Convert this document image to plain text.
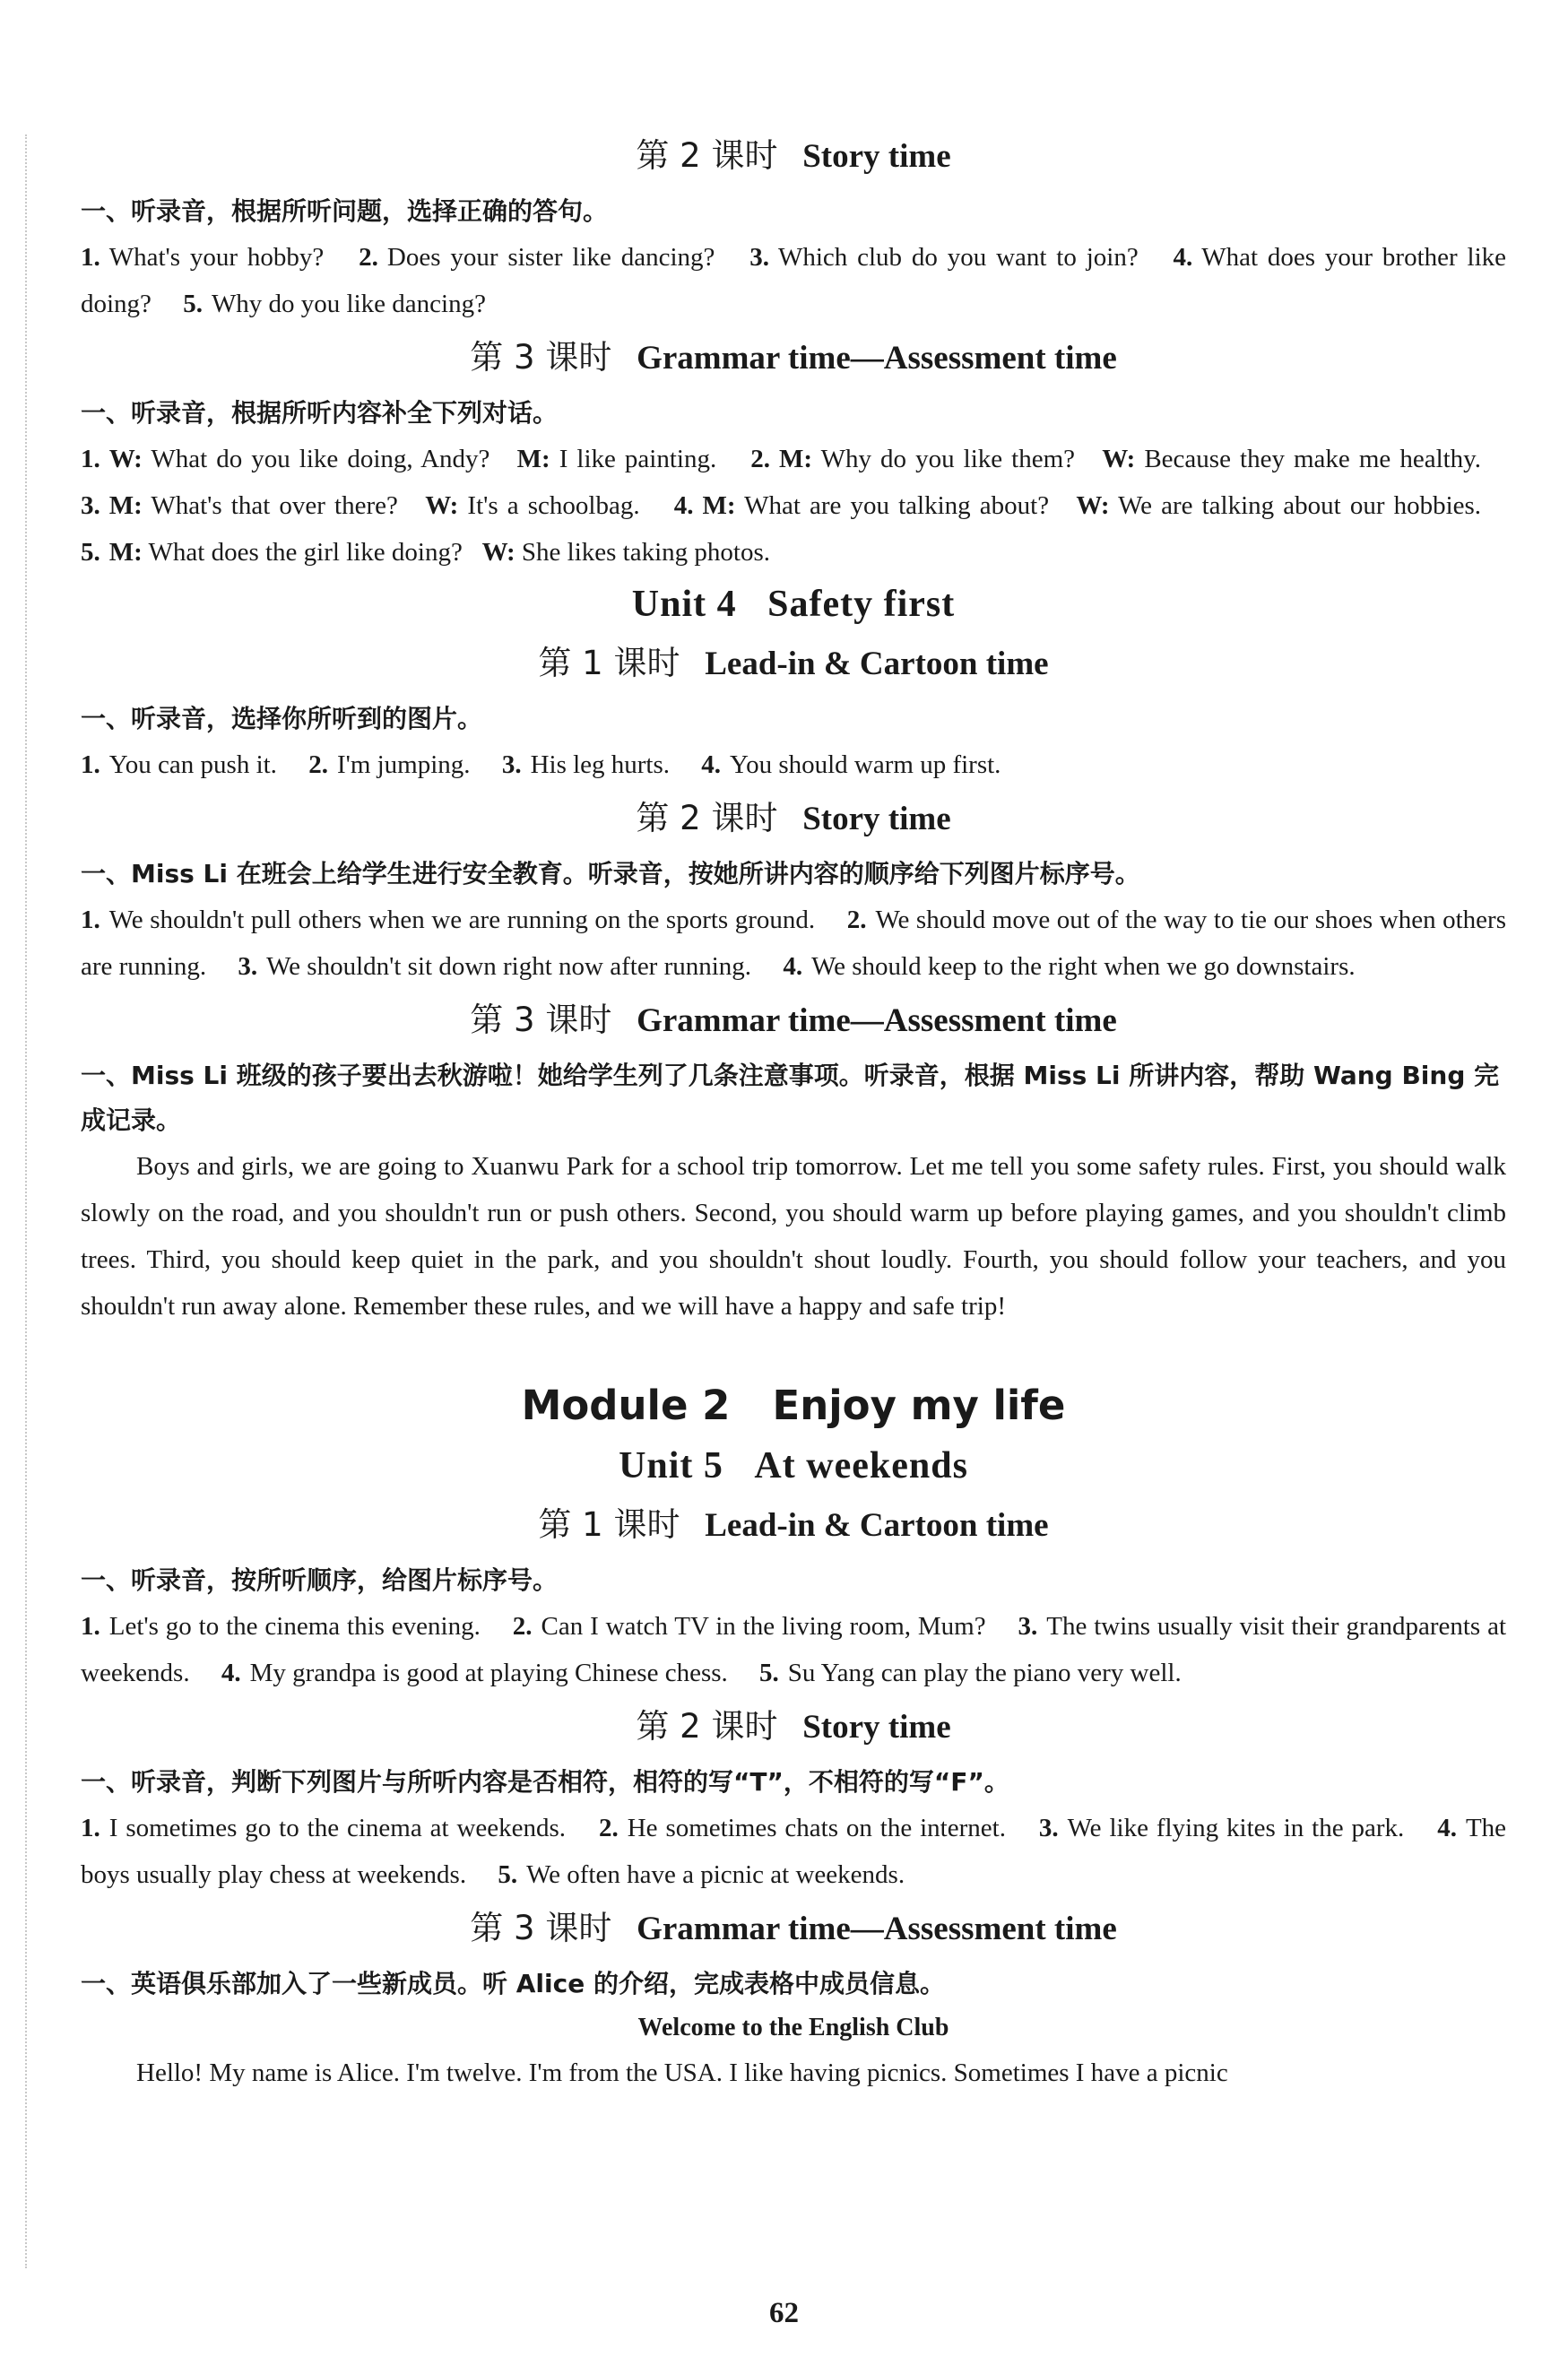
第 2 课时 Story time

一、听录音，根据所听问题，选择正确的答句。

1. What's your hobby? 2. Does your sister like dancing? 3. Which club do you want to join? 4. What does your brother like doing? 5. Why do you like dancing?

第 3 课时 Grammar time—Assessment time

一、听录音，根据所听内容补全下列对话。

1. W: What do you like doing, Andy? M: I like painting. 2. M: Why do you like them? W: Because they make me healthy. 3. M: What's that over there? W: It's a schoolbag. 4. M: What are you talking about? W: We are talking about our hobbies. 5. M: What does the girl like doing? W: She likes taking photos.

Unit 4 Safety first
第 1 课时 Lead-in & Cartoon time

一、听录音，选择你所听到的图片。

1. You can push it. 2. I'm jumping. 3. His leg hurts. 4. You should warm up first.

第 2 课时 Story time

一、Miss Li 在班会上给学生进行安全教育。听录音，按她所讲内容的顺序给下列图片标序号。

1. We shouldn't pull others when we are running on the sports ground. 2. We should move out of the way to tie our shoes when others are running. 3. We shouldn't sit down right now after running. 4. We should keep to the right when we go downstairs.

第 3 课时 Grammar time—Assessment time

一、Miss Li 班级的孩子要出去秋游啦！她给学生列了几条注意事项。听录音，根据 Miss Li 所讲内容，帮助 Wang Bing 完成记录。

Boys and girls, we are going to Xuanwu Park for a school trip tomorrow. Let me tell you some safety rules. First, you should walk slowly on the road, and you shouldn't run or push others. Second, you should warm up before playing games, and you shouldn't climb trees. Third, you should keep quiet in the park, and you shouldn't shout loudly. Fourth, you should follow your teachers, and you shouldn't run away alone. Remember these rules, and we will have a happy and safe trip!

Module 2 Enjoy my life
Unit 5 At weekends
第 1 课时 Lead-in & Cartoon time

一、听录音，按所听顺序，给图片标序号。

1. Let's go to the cinema this evening. 2. Can I watch TV in the living room, Mum? 3. The twins usually visit their grandparents at weekends. 4. My grandpa is good at playing Chinese chess. 5. Su Yang can play the piano very well.

第 2 课时 Story time

一、听录音，判断下列图片与所听内容是否相符，相符的写“T”，不相符的写“F”。

1. I sometimes go to the cinema at weekends. 2. He sometimes chats on the internet. 3. We like flying kites in the park. 4. The boys usually play chess at weekends. 5. We often have a picnic at weekends.

第 3 课时 Grammar time—Assessment time

一、英语俱乐部加入了一些新成员。听 Alice 的介绍，完成表格中成员信息。

Welcome to the English Club

Hello! My name is Alice. I'm twelve. I'm from the USA. I like having picnics. Sometimes I have a picnic

62
